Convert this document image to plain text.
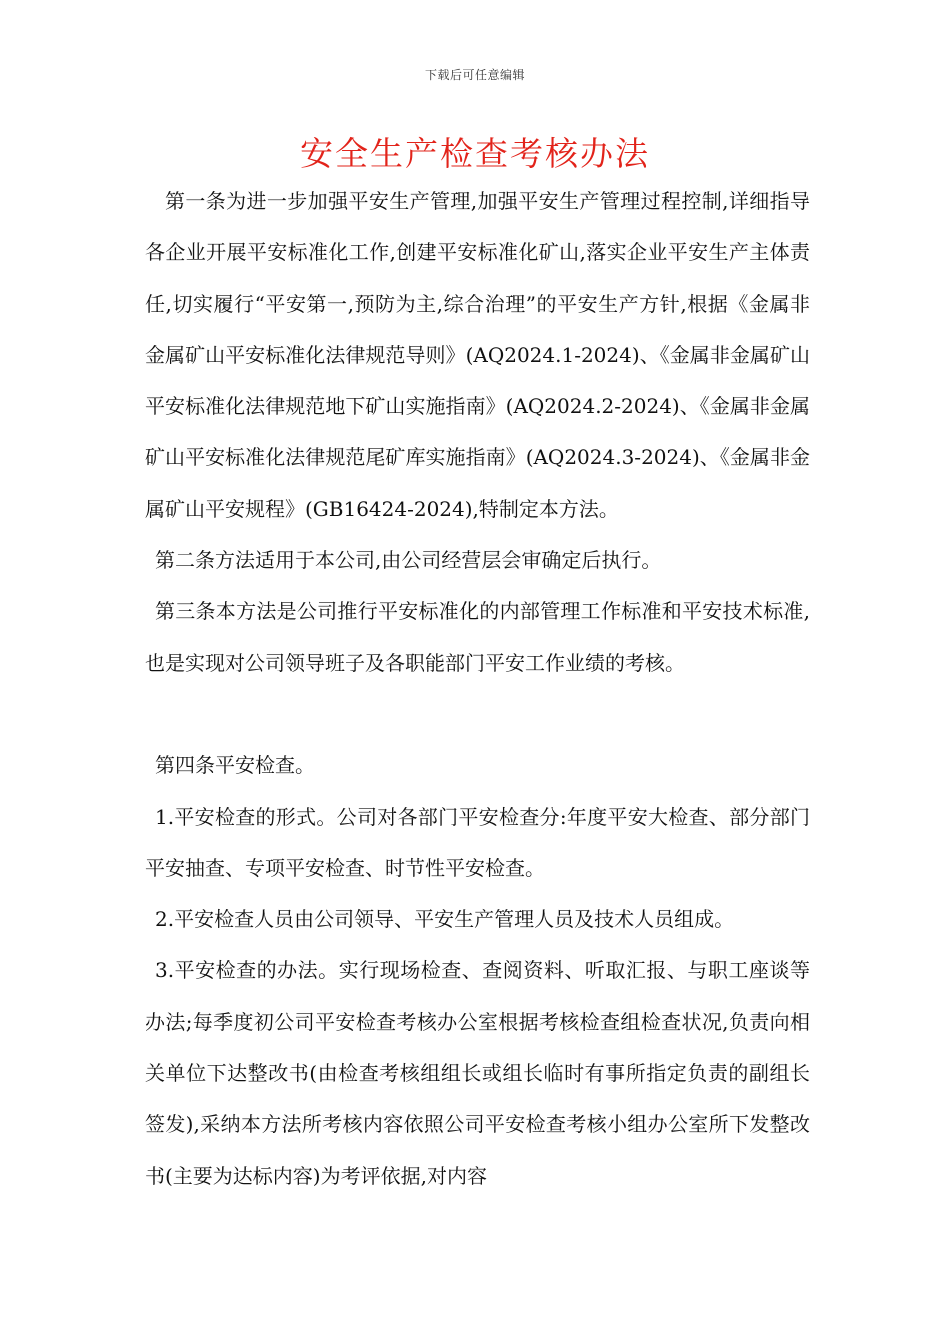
下载后可任意编辑
安全生产检查考核办法

第一条为进一步加强平安生产管理,加强平安生产管理过程控制,详细指导各企业开展平安标准化工作,创建平安标准化矿山,落实企业平安生产主体责任,切实履行“平安第一,预防为主,综合治理”的平安生产方针,根据《金属非金属矿山平安标准化法律规范导则》(AQ2024.1-2024)、《金属非金属矿山平安标准化法律规范地下矿山实施指南》(AQ2024.2-2024)、《金属非金属矿山平安标准化法律规范尾矿库实施指南》(AQ2024.3-2024)、《金属非金属矿山平安规程》(GB16424-2024),特制定本方法。

第二条方法适用于本公司,由公司经营层会审确定后执行。

第三条本方法是公司推行平安标准化的内部管理工作标准和平安技术标准,也是实现对公司领导班子及各职能部门平安工作业绩的考核。

第四条平安检查。

1.平安检查的形式。公司对各部门平安检查分:年度平安大检查、部分部门平安抽查、专项平安检查、时节性平安检查。

2.平安检查人员由公司领导、平安生产管理人员及技术人员组成。

3.平安检查的办法。实行现场检查、查阅资料、听取汇报、与职工座谈等办法;每季度初公司平安检查考核办公室根据考核检查组检查状况,负责向相关单位下达整改书(由检查考核组组长或组长临时有事所指定负责的副组长签发),采纳本方法所考核内容依照公司平安检查考核小组办公室所下发整改书(主要为达标内容)为考评依据,对内容
